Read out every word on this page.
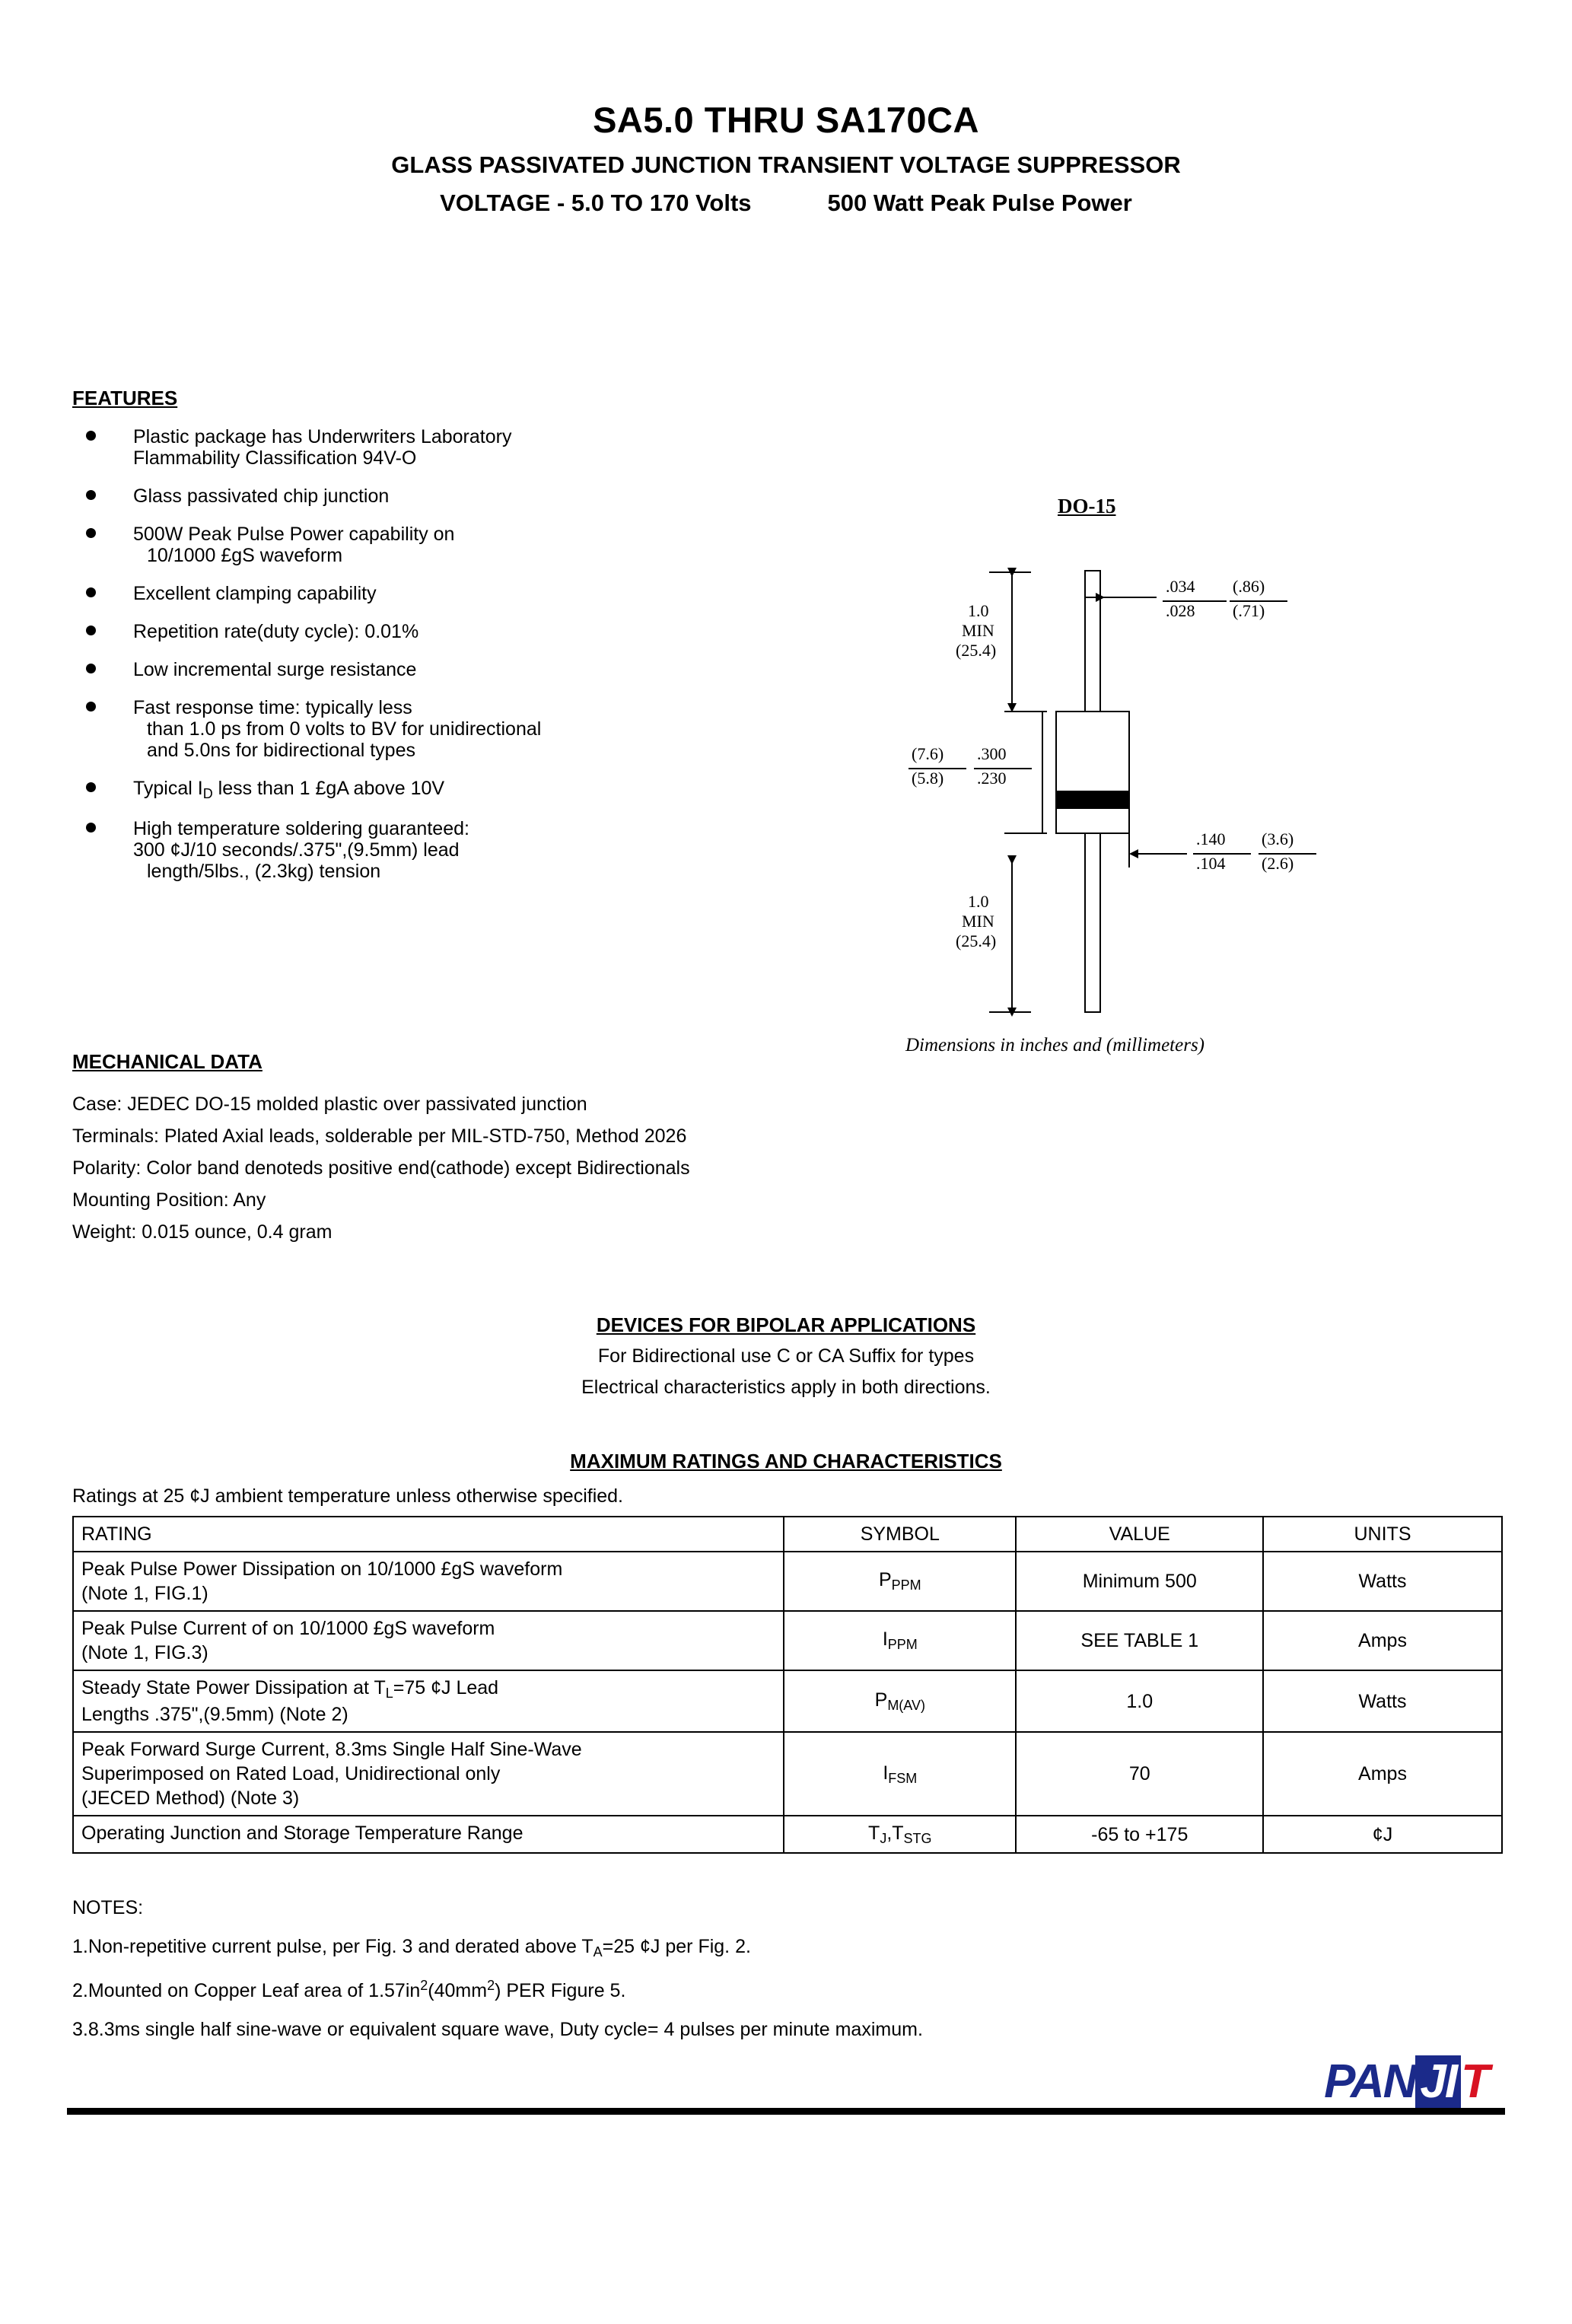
SA5.0 THRU SA170CA
GLASS PASSIVATED JUNCTION TRANSIENT VOLTAGE SUPPRESSOR
VOLTAGE - 5.0 TO 170 Volts	500 Watt Peak Pulse Power
FEATURES
Plastic package has Underwriters Laboratory
Flammability Classification 94V-O
Glass passivated chip junction
500W Peak Pulse Power capability on
10/1000 £gS waveform
Excellent clamping capability
Repetition rate(duty cycle): 0.01%
Low incremental surge resistance
Fast response time: typically less
than 1.0 ps from 0 volts to BV for unidirectional
and 5.0ns for bidirectional types
Typical $I_D$ less than 1 £gA above 10V
High temperature soldering guaranteed:
300 ¢J/10 seconds/.375",(9.5mm) lead
length/5lbs., (2.3kg) tension
DO-15
1.0
MIN
(25.4)
1.0
MIN
(25.4)
.034
.028
(.86)
(.71)
(7.6)
(5.8)
.300
.230
.140
.104
(3.6)
(2.6)
Dimensions in inches and (millimeters)
MECHANICAL DATA
Case: JEDEC DO-15 molded plastic over passivated junction
Terminals: Plated Axial leads, solderable per MIL-STD-750, Method 2026
Polarity: Color band denoteds positive end(cathode) except Bidirectionals
Mounting Position: Any
Weight: 0.015 ounce, 0.4 gram
DEVICES FOR BIPOLAR APPLICATIONS
For Bidirectional use C or CA Suffix for types
Electrical characteristics apply in both directions.
MAXIMUM RATINGS AND CHARACTERISTICS
Ratings at 25 ¢J ambient temperature unless otherwise specified.
RATING	SYMBOL	VALUE	UNITS

Peak Pulse Power Dissipation on 10/1000 £gS waveform
(Note 1, FIG.1)	$P_{PPM}$	Minimum 500	Watts

Peak Pulse Current of on 10/1000 £gS waveform
(Note 1, FIG.3)	$I_{PPM}$	SEE TABLE 1	Amps

Steady State Power Dissipation at $T_L=75$ ¢J Lead
Lengths .375",(9.5mm) (Note 2)	$P_{M(AV)}$	1.0	Watts

Peak Forward Surge Current, 8.3ms Single Half Sine-Wave
Superimposed on Rated Load, Unidirectional only
(JECED Method) (Note 3)	$I_{FSM}$	70	Amps
Operating Junction and Storage Temperature Range	$T_J,T_{STG}$	-65 to +175	¢J
NOTES:
1.Non-repetitive current pulse, per Fig. 3 and derated above $T_A=25$ ¢J per Fig. 2.
2.Mounted on Copper Leaf area of $1.57in^2(40mm^2)$ PER Figure 5.
3.8.3ms single half sine-wave or equivalent square wave, Duty cycle= 4 pulses per minute maximum.
PANJIT
